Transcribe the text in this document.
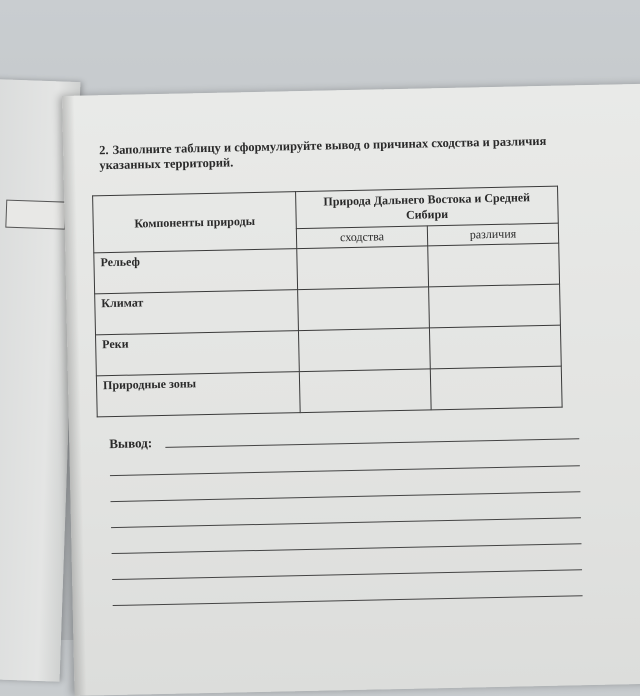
2. Заполните таблицу и сформулируйте вывод о причинах сходства и различия указанных территорий.
Компоненты природы	Природа Дальнего Востока и Средней Сибири	
	сходства	различия
Рельеф		
Климат		
Реки		
Природные зоны		
Вывод:
